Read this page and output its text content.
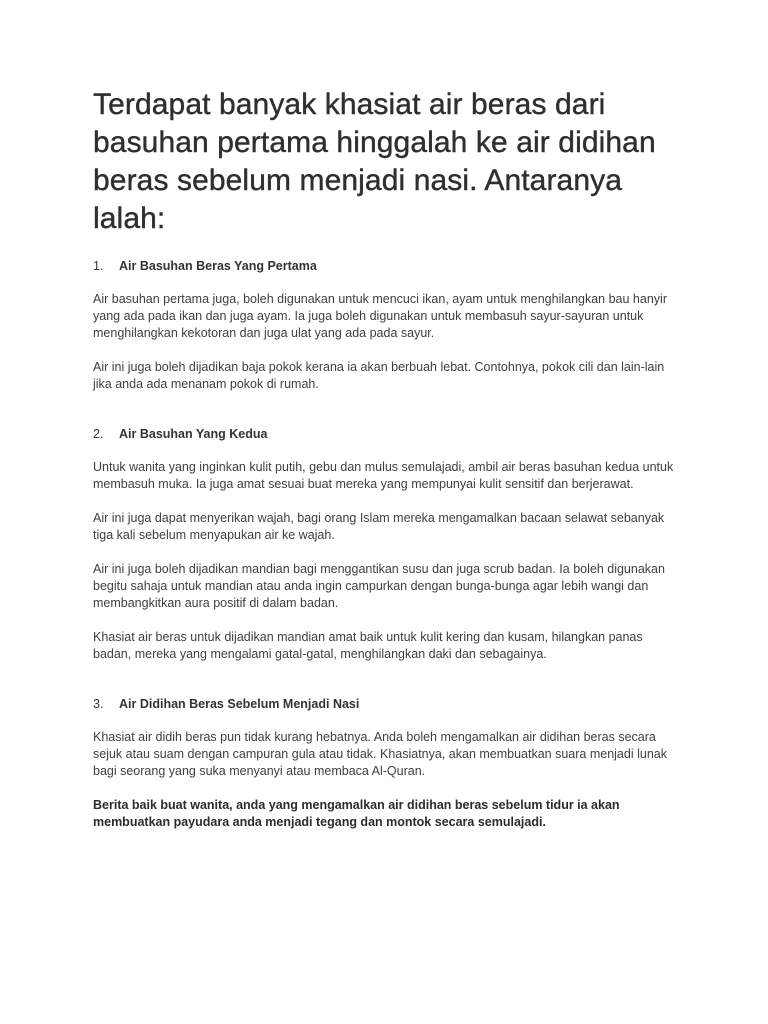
Terdapat banyak khasiat air beras dari basuhan pertama hinggalah ke air didihan beras sebelum menjadi nasi. Antaranya lalah:
1.	Air Basuhan Beras Yang Pertama

Air basuhan pertama juga, boleh digunakan untuk mencuci ikan, ayam untuk menghilangkan bau hanyir yang ada pada ikan dan juga ayam. Ia juga boleh digunakan untuk membasuh sayur-sayuran untuk menghilangkan kekotoran dan juga ulat yang ada pada sayur.

Air ini juga boleh dijadikan baja pokok kerana ia akan berbuah lebat. Contohnya, pokok cili dan lain-lain jika anda ada menanam pokok di rumah.

2.	Air Basuhan Yang Kedua

Untuk wanita yang inginkan kulit putih, gebu dan mulus semulajadi, ambil air beras basuhan kedua untuk membasuh muka. Ia juga amat sesuai buat mereka yang mempunyai kulit sensitif dan berjerawat.

Air ini juga dapat menyerikan wajah, bagi orang Islam mereka mengamalkan bacaan selawat sebanyak tiga kali sebelum menyapukan air ke wajah.

Air ini juga boleh dijadikan mandian bagi menggantikan susu dan juga scrub badan. Ia boleh digunakan begitu sahaja untuk mandian atau anda ingin campurkan dengan bunga-bunga agar lebih wangi dan membangkitkan aura positif di dalam badan.

Khasiat air beras untuk dijadikan mandian amat baik untuk kulit kering dan kusam, hilangkan panas badan, mereka yang mengalami gatal-gatal, menghilangkan daki dan sebagainya.

3.	Air Didihan Beras Sebelum Menjadi Nasi

Khasiat air didih beras pun tidak kurang hebatnya. Anda boleh mengamalkan air didihan beras secara sejuk atau suam dengan campuran gula atau tidak. Khasiatnya, akan membuatkan suara menjadi lunak bagi seorang yang suka menyanyi atau membaca Al-Quran.

Berita baik buat wanita, anda yang mengamalkan air didihan beras sebelum tidur ia akan membuatkan payudara anda menjadi tegang dan montok secara semulajadi.
